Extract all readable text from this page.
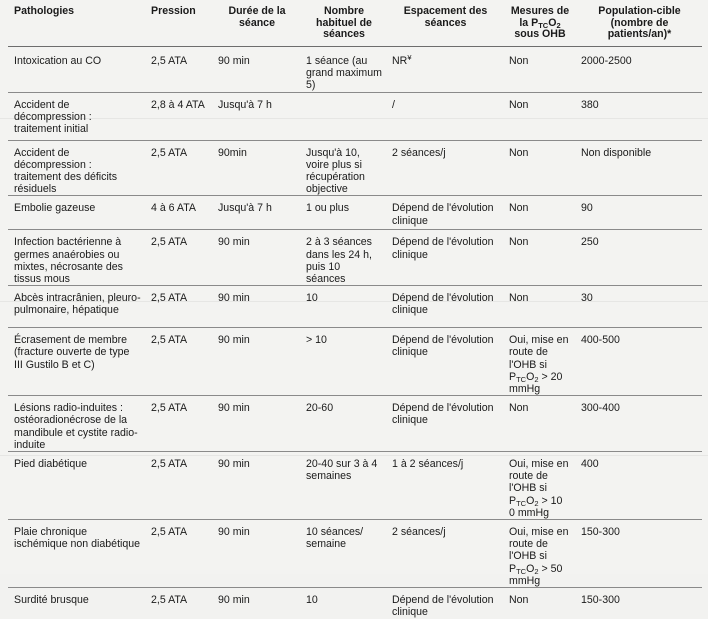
Pathologies	Pression	Durée de la séance	Nombre habituel de séances	Espacement des séances	Mesures de la $P_{TC}O_2$ sous OHB	Population-cible (nombre de patients/an)*
Intoxication au CO	2,5 ATA	90 min	1 séance (au grand maximum 5)	NR¥	Non	2000-2500
Accident de décompression : traitement initial	2,8 à 4 ATA	Jusqu'à 7 h		/	Non	380
Accident de décompression : traitement des déficits résiduels	2,5 ATA	90min	Jusqu'à 10, voire plus si récupération objective	2 séances/j	Non	Non disponible
Embolie gazeuse	4 à 6 ATA	Jusqu'à 7 h	1 ou plus	Dépend de l'évolution clinique	Non	90
Infection bactérienne à germes anaérobies ou mixtes, nécrosante des tissus mous	2,5 ATA	90 min	2 à 3 séances dans les 24 h, puis 10 séances	Dépend de l'évolution clinique	Non	250
Abcès intracrânien, pleuro-pulmonaire, hépatique	2,5 ATA	90 min	10	Dépend de l'évolution clinique	Non	30
Écrasement de membre (fracture ouverte de type III Gustilo B et C)	2,5 ATA	90 min	> 10	Dépend de l'évolution clinique	Oui, mise en route de l'OHB si $P_{TC}O_2 > 20$ mmHg	400-500
Lésions radio-induites : ostéoradionécrose de la mandibule et cystite radio-induite	2,5 ATA	90 min	20-60	Dépend de l'évolution clinique	Non	300-400
Pied diabétique	2,5 ATA	90 min	20-40 sur 3 à 4 semaines	1 à 2 séances/j	Oui, mise en route de l'OHB si $P_{TC}O_2 > 10$ 0 mmHg	400
Plaie chronique ischémique non diabétique	2,5 ATA	90 min	10 séances/ semaine	2 séances/j	Oui, mise en route de l'OHB si $P_{TC}O_2 > 50$ mmHg	150-300
Surdité brusque	2,5 ATA	90 min	10	Dépend de l'évolution clinique	Non	150-300
